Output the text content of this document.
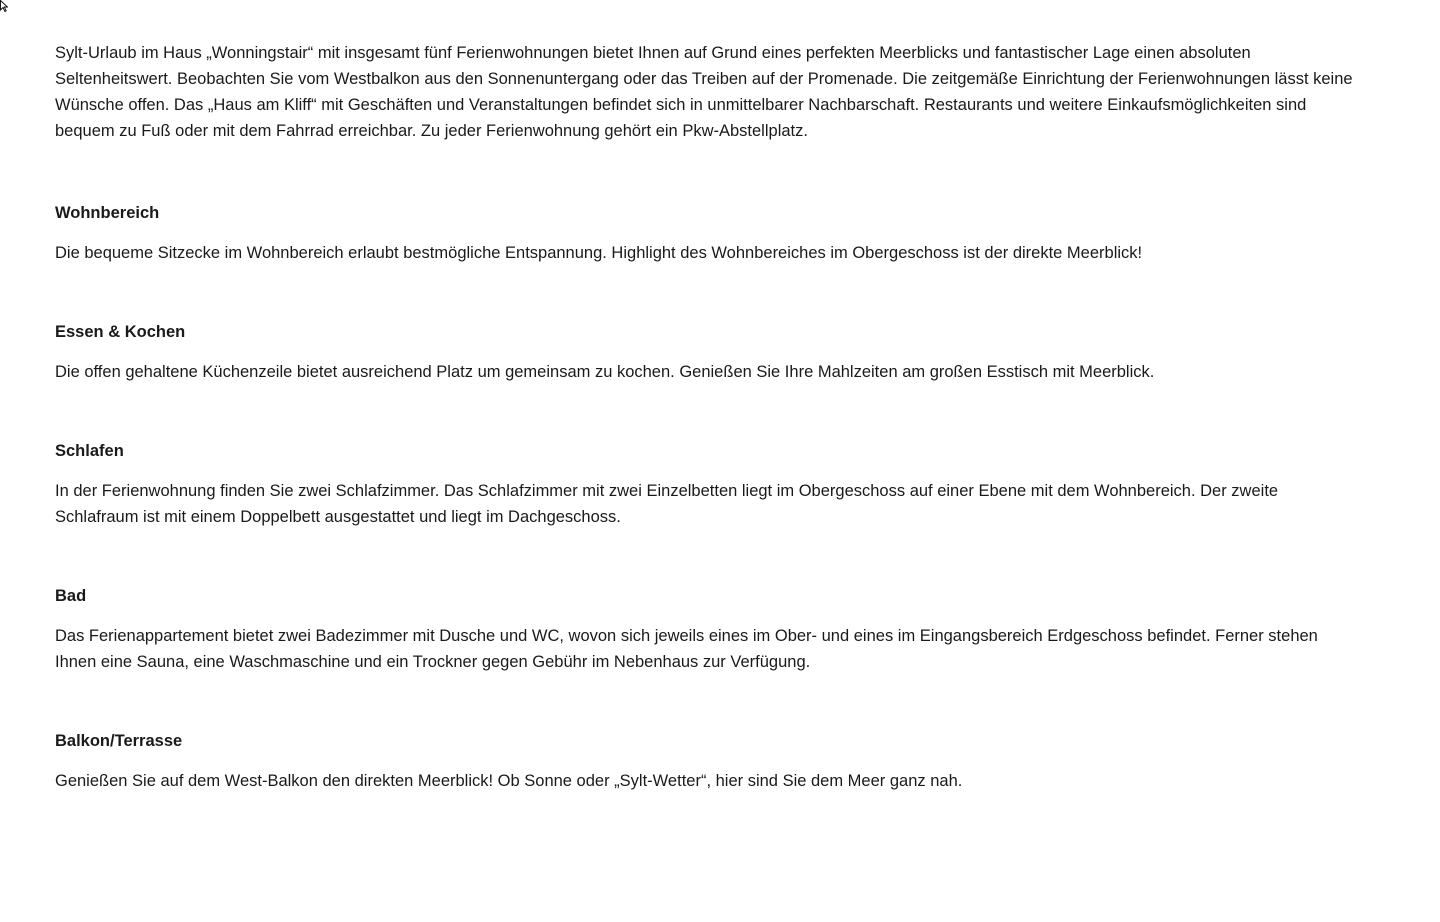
Sylt-Urlaub im Haus „Wonningstair“ mit insgesamt fünf Ferienwohnungen bietet Ihnen auf Grund eines perfekten Meerblicks und fantastischer Lage einen absoluten Seltenheitswert. Beobachten Sie vom Westbalkon aus den Sonnenuntergang oder das Treiben auf der Promenade. Die zeitgemäße Einrichtung der Ferienwohnungen lässt keine Wünsche offen. Das „Haus am Kliff“ mit Geschäften und Veranstaltungen befindet sich in unmittelbarer Nachbarschaft. Restaurants und weitere Einkaufsmöglichkeiten sind bequem zu Fuß oder mit dem Fahrrad erreichbar. Zu jeder Ferienwohnung gehört ein Pkw-Abstellplatz.

Wohnbereich

Die bequeme Sitzecke im Wohnbereich erlaubt bestmögliche Entspannung. Highlight des Wohnbereiches im Obergeschoss ist der direkte Meerblick!

Essen & Kochen

Die offen gehaltene Küchenzeile bietet ausreichend Platz um gemeinsam zu kochen. Genießen Sie Ihre Mahlzeiten am großen Esstisch mit Meerblick.

Schlafen

In der Ferienwohnung finden Sie zwei Schlafzimmer. Das Schlafzimmer mit zwei Einzelbetten liegt im Obergeschoss auf einer Ebene mit dem Wohnbereich. Der zweite Schlafraum ist mit einem Doppelbett ausgestattet und liegt im Dachgeschoss.

Bad

Das Ferienappartement bietet zwei Badezimmer mit Dusche und WC, wovon sich jeweils eines im Ober- und eines im Eingangsbereich Erdgeschoss befindet. Ferner stehen Ihnen eine Sauna, eine Waschmaschine und ein Trockner gegen Gebühr im Nebenhaus zur Verfügung.

Balkon/Terrasse

Genießen Sie auf dem West-Balkon den direkten Meerblick! Ob Sonne oder „Sylt-Wetter“, hier sind Sie dem Meer ganz nah.
